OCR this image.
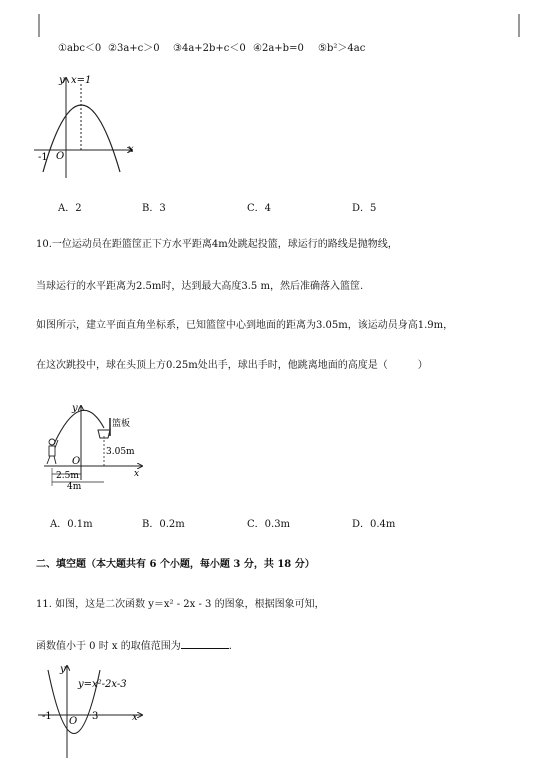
①abc＜0 ②3a+c＞0 ③4a+2b+c＜0 ④2a+b=0 ⑤b²＞4ac
y x=1
x
-1 O
A．2	B．3	C．4	D．5
10.一位运动员在距篮筐正下方水平距离4m处跳起投篮，球运行的路线是抛物线，
当球运行的水平距离为2.5m时，达到最大高度3.5 m，然后准确落入篮筐.
如图所示，建立平面直角坐标系，已知篮筐中心到地面的距离为3.05m，该运动员身高1.9m，
在这次跳投中，球在头顶上方0.25m处出手，球出手时，他跳离地面的高度是（　　　）
y
x
O
篮板
3.05m
2.5m
4m
A．0.1m	B．0.2m	C．0.3m	D．0.4m
二、填空题（本大题共有 6 个小题，每小题 3 分，共 18 分）
11. 如图，这是二次函数 y＝x² - 2x - 3 的图象，根据图象可知，
函数值小于 0 时 x 的取值范围为	.
y
y=x²-2x-3
x
-1 O 3
